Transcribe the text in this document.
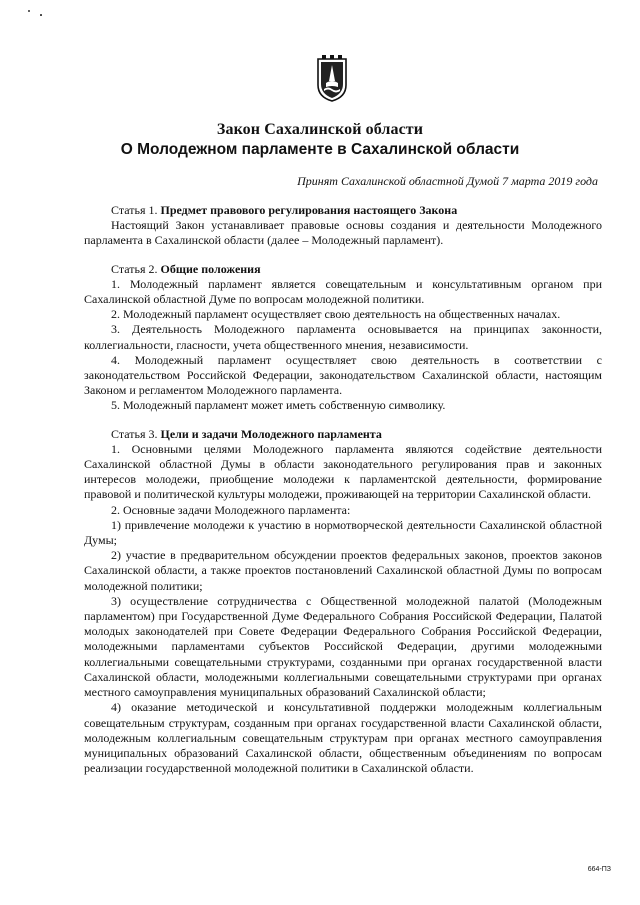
Закон Сахалинской области
О Молодежном парламенте в Сахалинской области
Принят Сахалинской областной Думой 7 марта 2019 года
Статья 1. Предмет правового регулирования настоящего Закона

Настоящий Закон устанавливает правовые основы создания и деятельности Молодежного парламента в Сахалинской области (далее – Молодежный парламент).

Статья 2. Общие положения

1. Молодежный парламент является совещательным и консультативным органом при Сахалинской областной Думе по вопросам молодежной политики.

2. Молодежный парламент осуществляет свою деятельность на общественных началах.

3. Деятельность Молодежного парламента основывается на принципах законности, коллегиальности, гласности, учета общественного мнения, независимости.

4. Молодежный парламент осуществляет свою деятельность в соответствии с законодательством Российской Федерации, законодательством Сахалинской области, настоящим Законом и регламентом Молодежного парламента.

5. Молодежный парламент может иметь собственную символику.

Статья 3. Цели и задачи Молодежного парламента

1. Основными целями Молодежного парламента являются содействие деятельности Сахалинской областной Думы в области законодательного регулирования прав и законных интересов молодежи, приобщение молодежи к парламентской деятельности, формирование правовой и политической культуры молодежи, проживающей на территории Сахалинской области.

2. Основные задачи Молодежного парламента:

1) привлечение молодежи к участию в нормотворческой деятельности Сахалинской областной Думы;

2) участие в предварительном обсуждении проектов федеральных законов, проектов законов Сахалинской области, а также проектов постановлений Сахалинской областной Думы по вопросам молодежной политики;

3) осуществление сотрудничества с Общественной молодежной палатой (Молодежным парламентом) при Государственной Думе Федерального Собрания Российской Федерации, Палатой молодых законодателей при Совете Федерации Федерального Собрания Российской Федерации, молодежными парламентами субъектов Российской Федерации, другими молодежными коллегиальными совещательными структурами, созданными при органах государственной власти Сахалинской области, молодежными коллегиальными совещательными структурами при органах местного самоуправления муниципальных образований Сахалинской области;

4) оказание методической и консультативной поддержки молодежным коллегиальным совещательным структурам, созданным при органах государственной власти Сахалинской области, молодежным коллегиальным совещательным структурам при органах местного самоуправления муниципальных образований Сахалинской области, общественным объединениям по вопросам реализации государственной молодежной политики в Сахалинской области.

664-ПЗ
